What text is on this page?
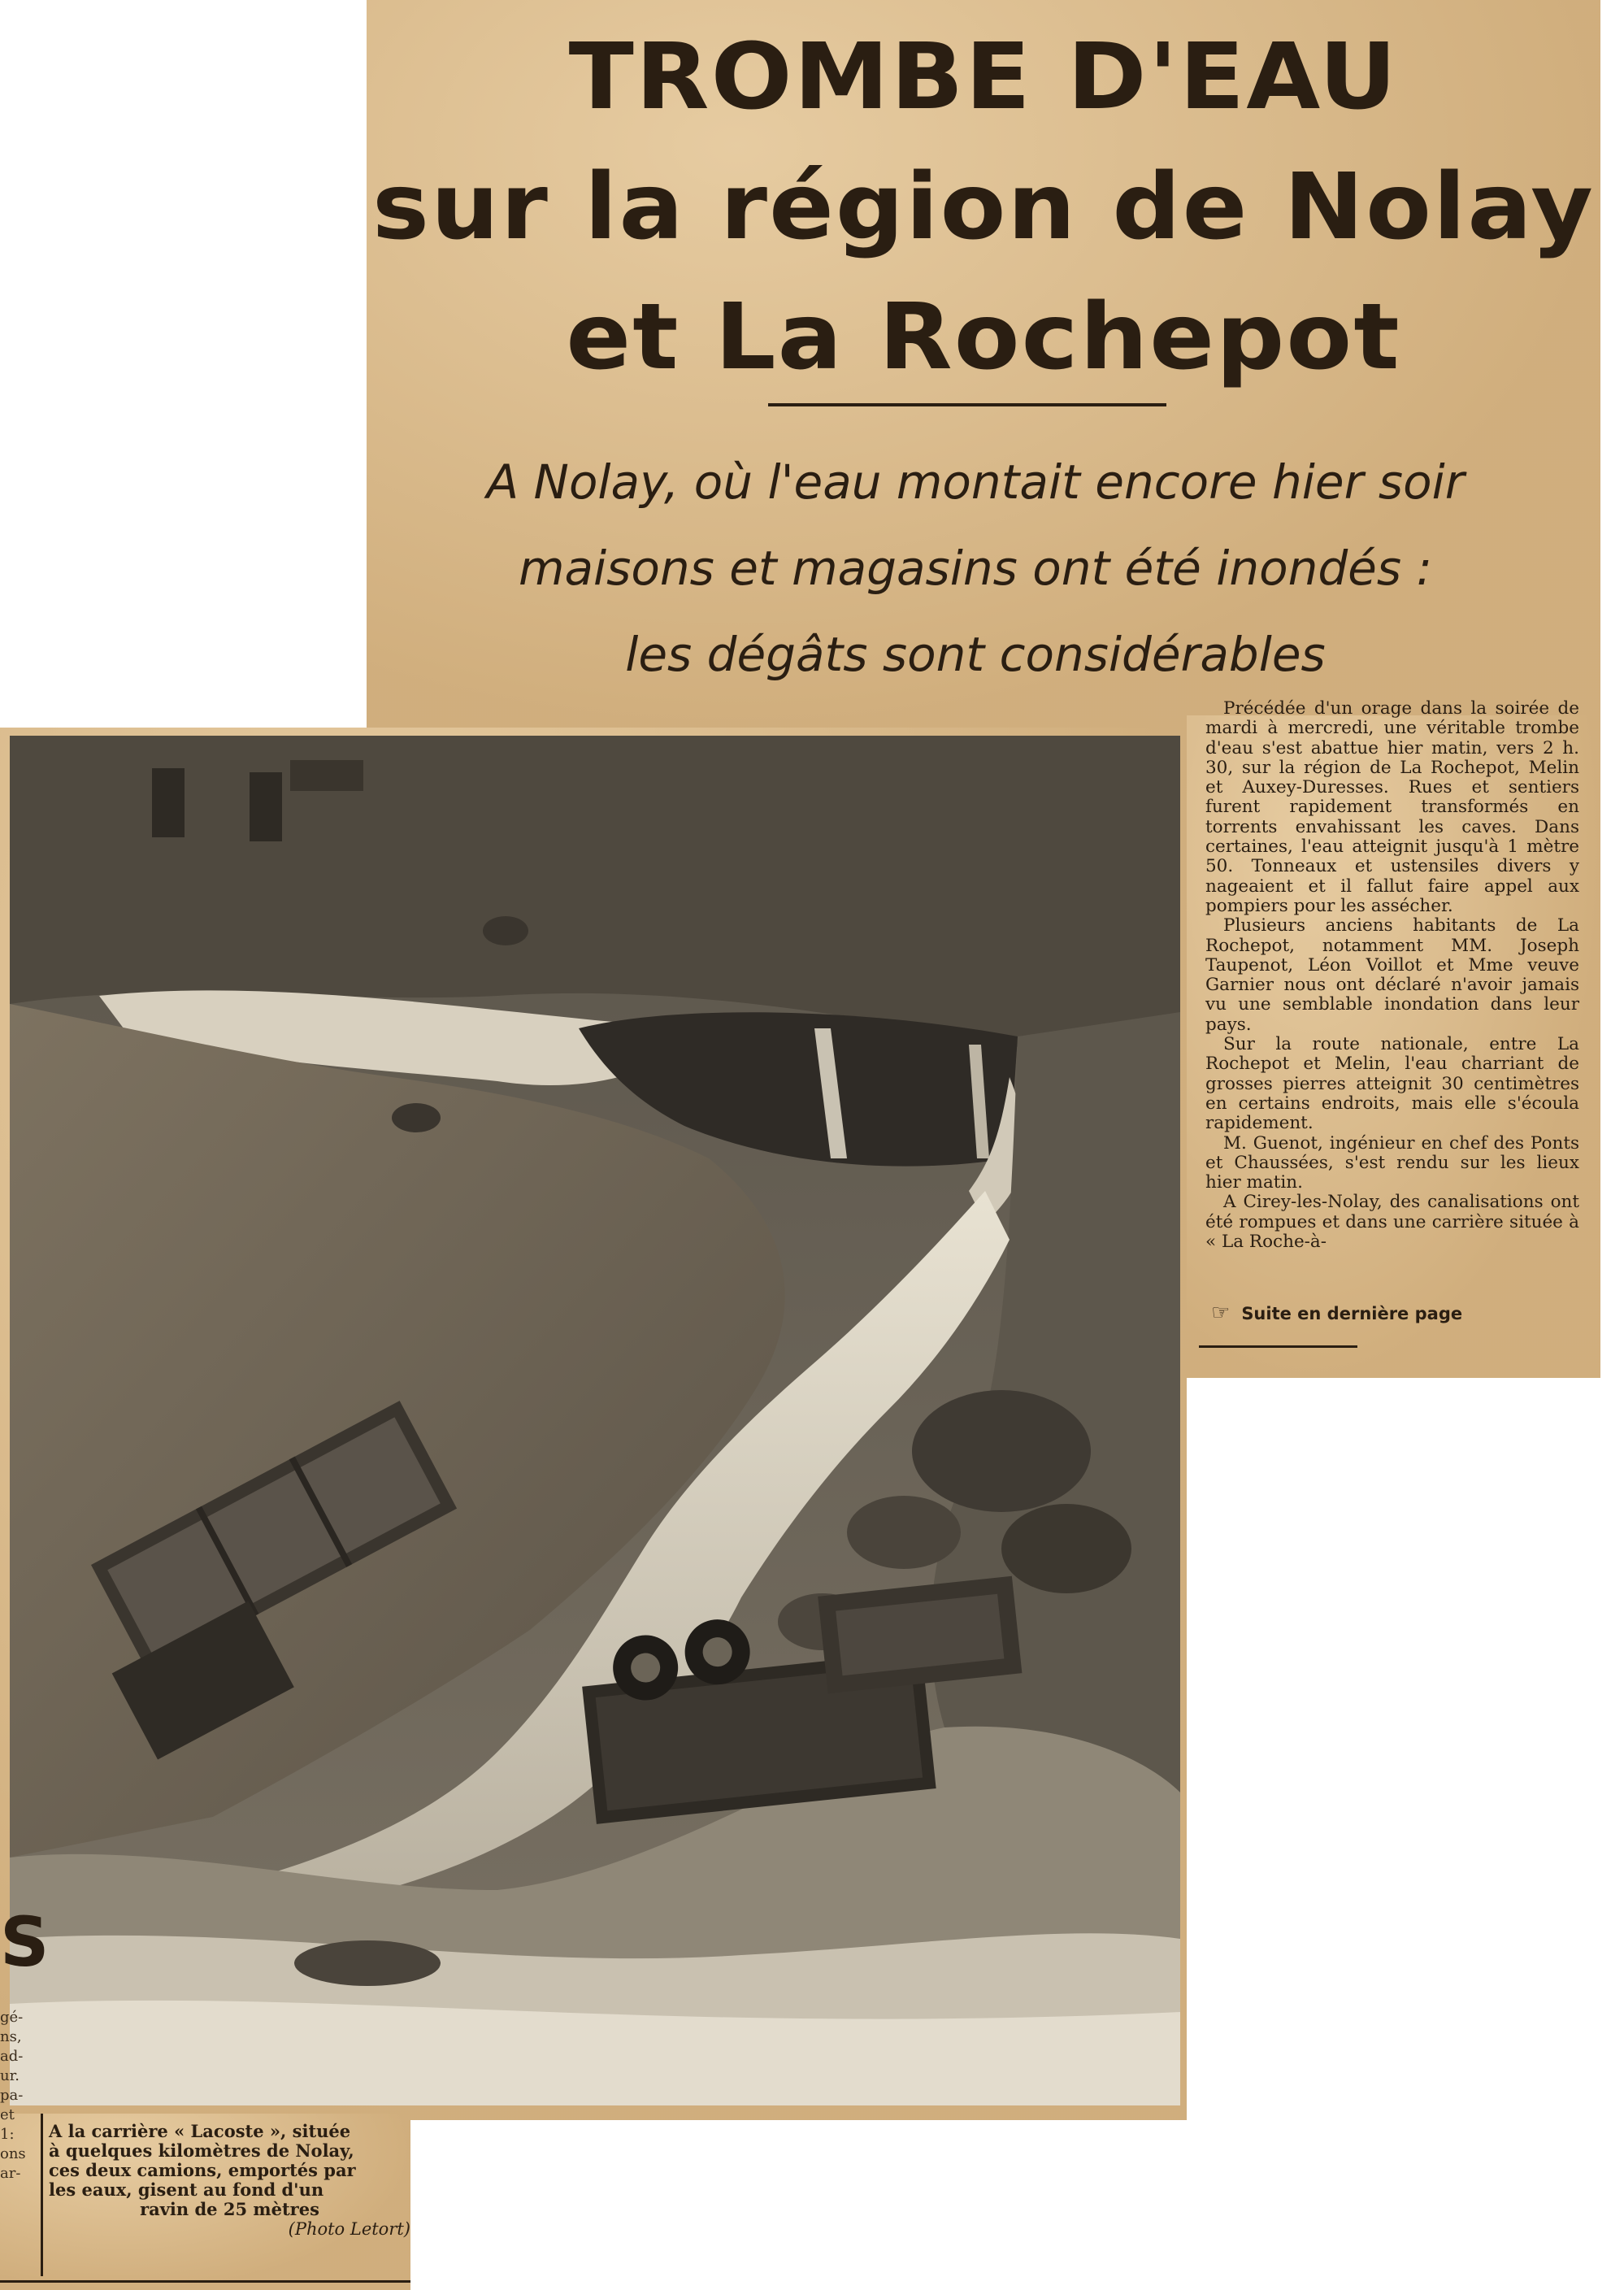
TROMBE D'EAU
sur la région de Nolay
et La Rochepot
A Nolay, où l'eau montait encore hier soir
maisons et magasins ont été inondés :
les dégâts sont considérables

Précédée d'un orage dans la soirée de mardi à mercredi, une véritable trombe d'eau s'est abattue hier matin, vers 2 h. 30, sur la région de La Rochepot, Melin et Auxey-Duresses. Rues et sentiers furent rapidement transformés en torrents envahissant les caves. Dans certaines, l'eau atteignit jusqu'à 1 mètre 50. Tonneaux et ustensiles divers y nageaient et il fallut faire appel aux pompiers pour les assécher.

Plusieurs anciens habitants de La Rochepot, notamment MM. Joseph Taupenot, Léon Voillot et Mme veuve Garnier nous ont déclaré n'avoir jamais vu une semblable inondation dans leur pays.

Sur la route nationale, entre La Rochepot et Melin, l'eau charriant de grosses pierres atteignit 30 centimètres en certains endroits, mais elle s'écoula rapidement.

M. Guenot, ingénieur en chef des Ponts et Chaussées, s'est rendu sur les lieux hier matin.

A Cirey-les-Nolay, des canalisations ont été rompues et dans une carrière située à « La Roche-à-

☞ Suite en dernière page
A la carrière « Lacoste », située
à quelques kilomètres de Nolay,
ces deux camions, emportés par
les eaux, gisent au fond d'un
ravin de 25 mètres
(Photo Letort)
S
gé-
ns,
ad-
ur.
pa-
et
1:
ons
ar-
